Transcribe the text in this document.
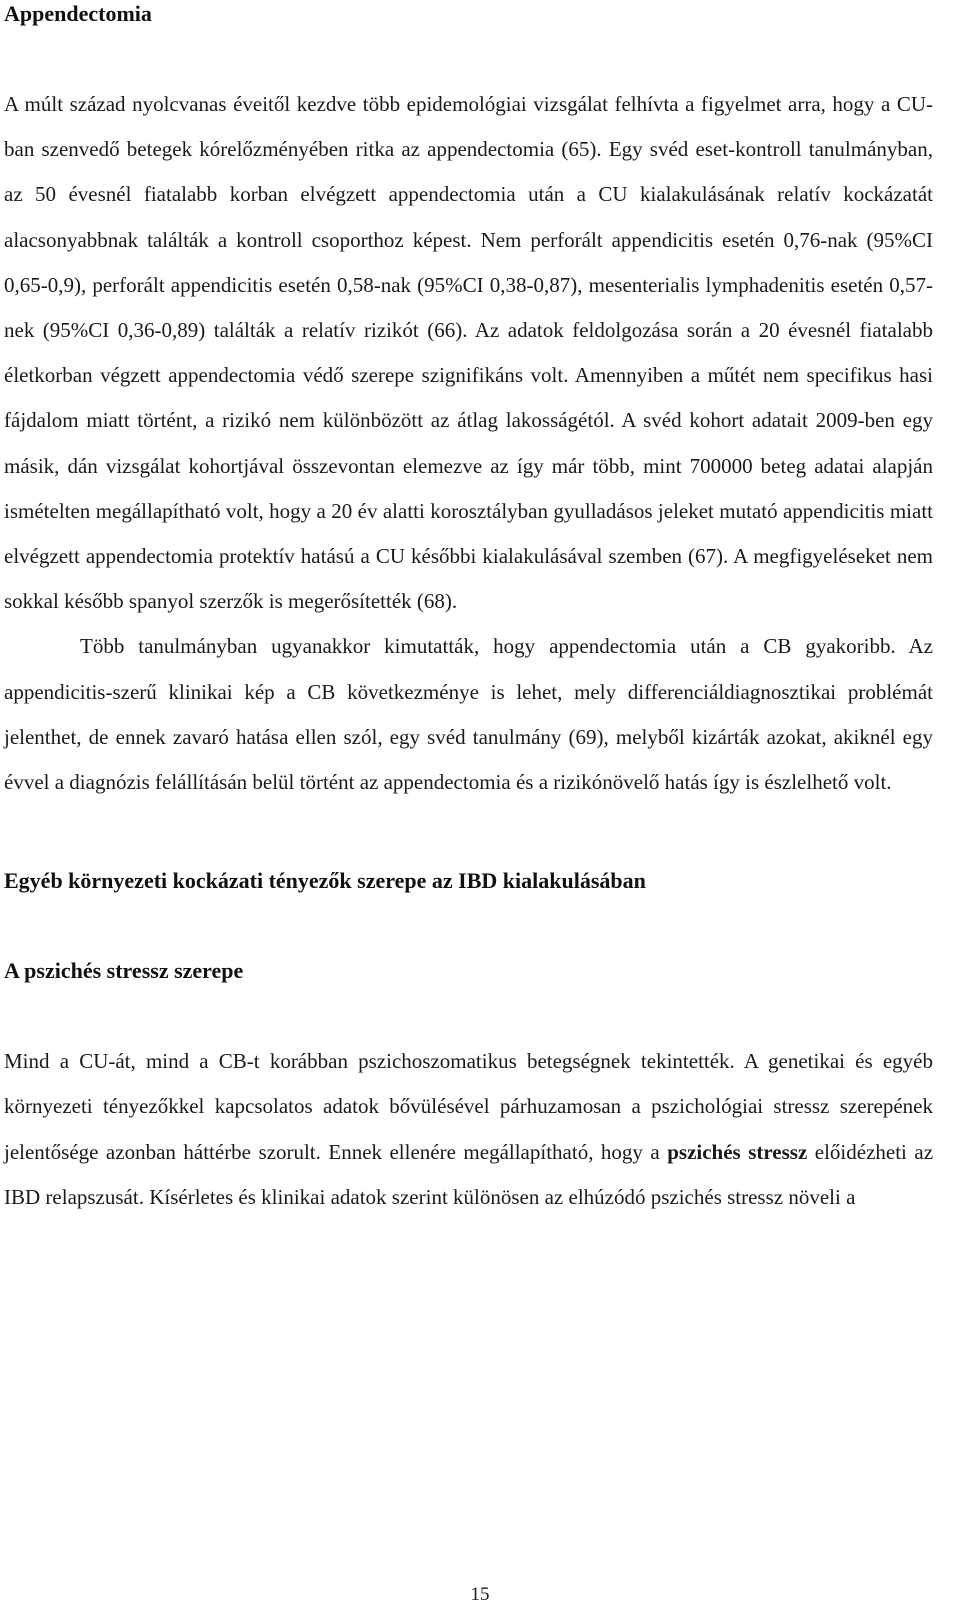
Appendectomia

A múlt század nyolcvanas éveitől kezdve több epidemológiai vizsgálat felhívta a figyelmet arra, hogy a CU-ban szenvedő betegek kórelőzményében ritka az appendectomia (65). Egy svéd eset-kontroll tanulmányban, az 50 évesnél fiatalabb korban elvégzett appendectomia után a CU kialakulásának relatív kockázatát alacsonyabbnak találták a kontroll csoporthoz képest. Nem perforált appendicitis esetén 0,76-nak (95%CI 0,65-0,9), perforált appendicitis esetén 0,58-nak (95%CI 0,38-0,87), mesenterialis lymphadenitis esetén 0,57-nek (95%CI 0,36-0,89) találták a relatív rizikót (66). Az adatok feldolgozása során a 20 évesnél fiatalabb életkorban végzett appendectomia védő szerepe szignifikáns volt. Amennyiben a műtét nem specifikus hasi fájdalom miatt történt, a rizikó nem különbözött az átlag lakosságétól. A svéd kohort adatait 2009-ben egy másik, dán vizsgálat kohortjával összevontan elemezve az így már több, mint 700000 beteg adatai alapján ismételten megállapítható volt, hogy a 20 év alatti korosztályban gyulladásos jeleket mutató appendicitis miatt elvégzett appendectomia protektív hatású a CU későbbi kialakulásával szemben (67). A megfigyeléseket nem sokkal később spanyol szerzők is megerősítették (68).

Több tanulmányban ugyanakkor kimutatták, hogy appendectomia után a CB gyakoribb. Az appendicitis-szerű klinikai kép a CB következménye is lehet, mely differenciáldiagnosztikai problémát jelenthet, de ennek zavaró hatása ellen szól, egy svéd tanulmány (69), melyből kizárták azokat, akiknél egy évvel a diagnózis felállításán belül történt az appendectomia és a rizikónövelő hatás így is észlelhető volt.

Egyéb környezeti kockázati tényezők szerepe az IBD kialakulásában
A pszichés stressz szerepe

Mind a CU-át, mind a CB-t korábban pszichoszomatikus betegségnek tekintették. A genetikai és egyéb környezeti tényezőkkel kapcsolatos adatok bővülésével párhuzamosan a pszichológiai stressz szerepének jelentősége azonban háttérbe szorult. Ennek ellenére megállapítható, hogy a pszichés stressz előidézheti az IBD relapszusát. Kísérletes és klinikai adatok szerint különösen az elhúzódó pszichés stressz növeli a

15
